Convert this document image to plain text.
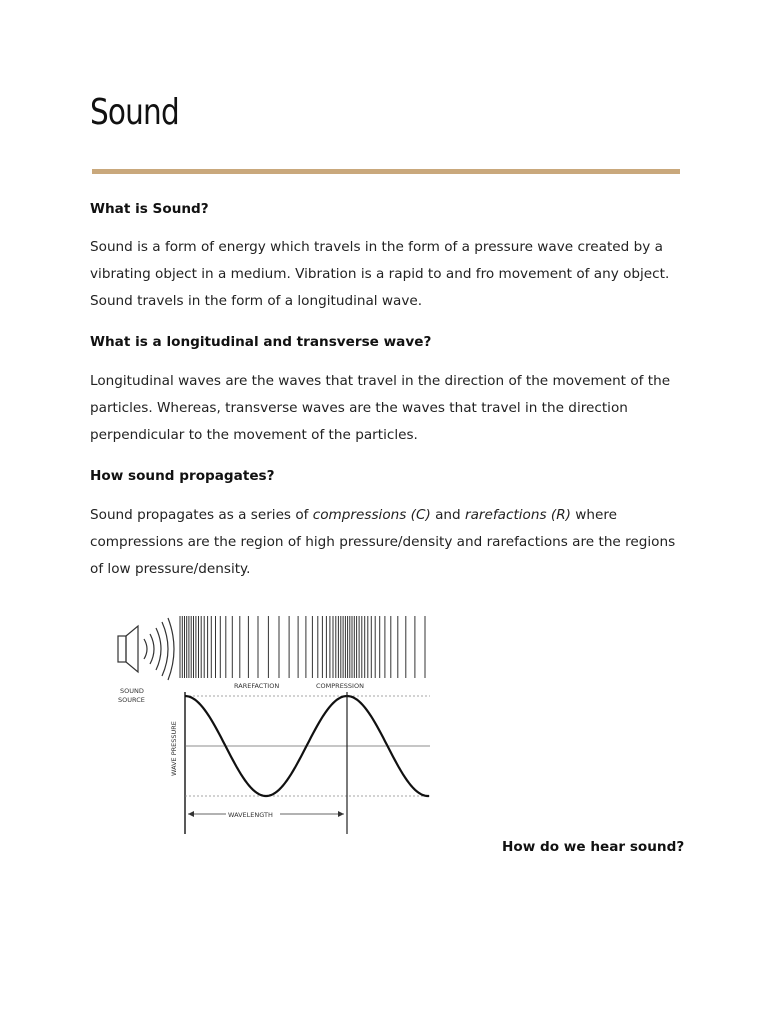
Sound

What is Sound?

Sound is a form of energy which travels in the form of a pressure wave created by a vibrating object in a medium. Vibration is a rapid to and fro movement of any object. Sound travels in the form of a longitudinal wave.

What is a longitudinal and transverse wave?

Longitudinal waves are the waves that travel in the direction of the movement of the particles. Whereas, transverse waves are the waves that travel in the direction perpendicular to the movement of the particles.

How sound propagates?

Sound propagates as a series of compressions (C) and rarefactions (R) where compressions are the region of high pressure/density and rarefactions are the regions of low pressure/density.

SOUND
SOURCE
RAREFACTION	COMPRESSION
WAVE PRESSURE
WAVELENGTH

How do we hear sound?
